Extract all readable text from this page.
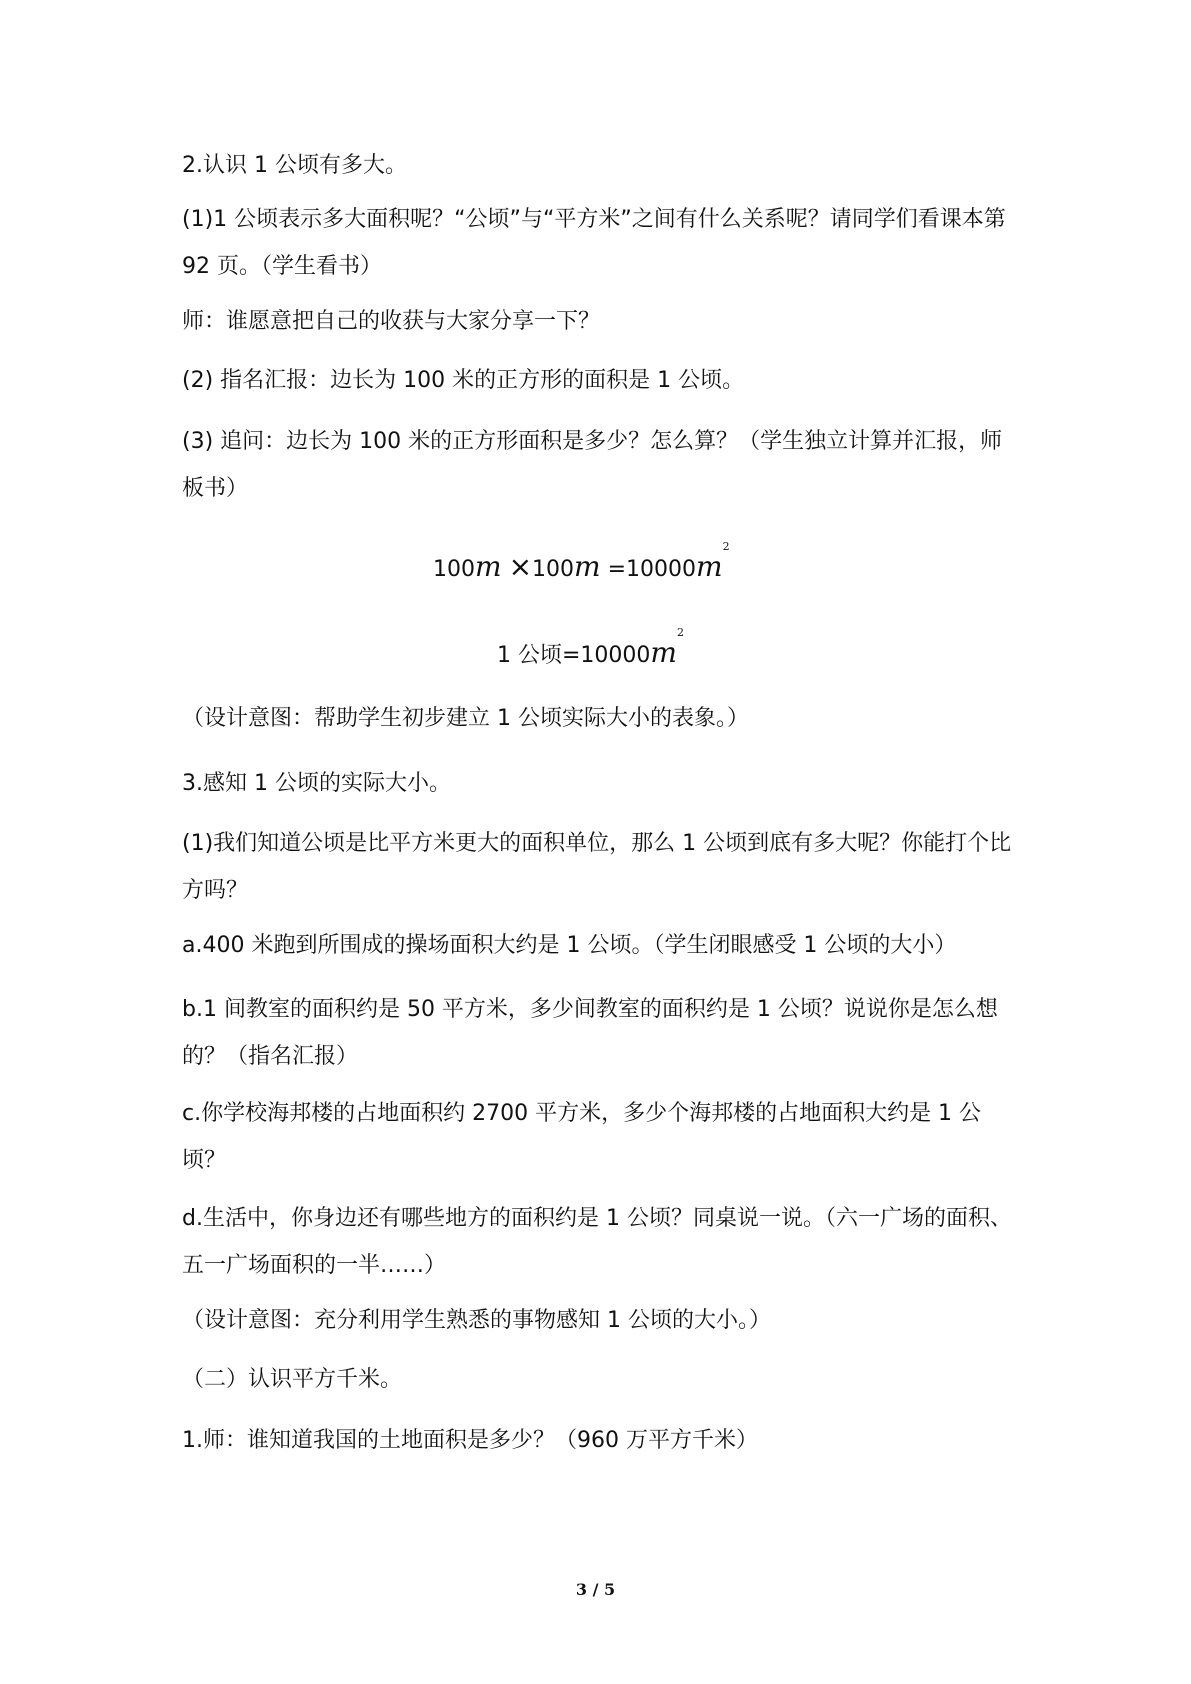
2.认识 1 公顷有多大。

(1)1 公顷表示多大面积呢？“公顷”与“平方米”之间有什么关系呢？请同学们看课本第 92 页。（学生看书）

师：谁愿意把自己的收获与大家分享一下？

(2) 指名汇报：边长为 100 米的正方形的面积是 1 公顷。

(3) 追问：边长为 100 米的正方形面积是多少？怎么算？（学生独立计算并汇报，师板书）

$100m \times 100m =10000m^2$
1 公顷$=10000m^2$

（设计意图：帮助学生初步建立 1 公顷实际大小的表象。）

3.感知 1 公顷的实际大小。

(1)我们知道公顷是比平方米更大的面积单位，那么 1 公顷到底有多大呢？你能打个比方吗？

a.400 米跑到所围成的操场面积大约是 1 公顷。（学生闭眼感受 1 公顷的大小）

b.1 间教室的面积约是 50 平方米，多少间教室的面积约是 1 公顷？说说你是怎么想的？（指名汇报）

c.你学校海邦楼的占地面积约 2700 平方米，多少个海邦楼的占地面积大约是 1 公顷？

d.生活中，你身边还有哪些地方的面积约是 1 公顷？同桌说一说。（六一广场的面积、五一广场面积的一半……）

（设计意图：充分利用学生熟悉的事物感知 1 公顷的大小。）

（二）认识平方千米。

1.师：谁知道我国的土地面积是多少？（960 万平方千米）

3 / 5
